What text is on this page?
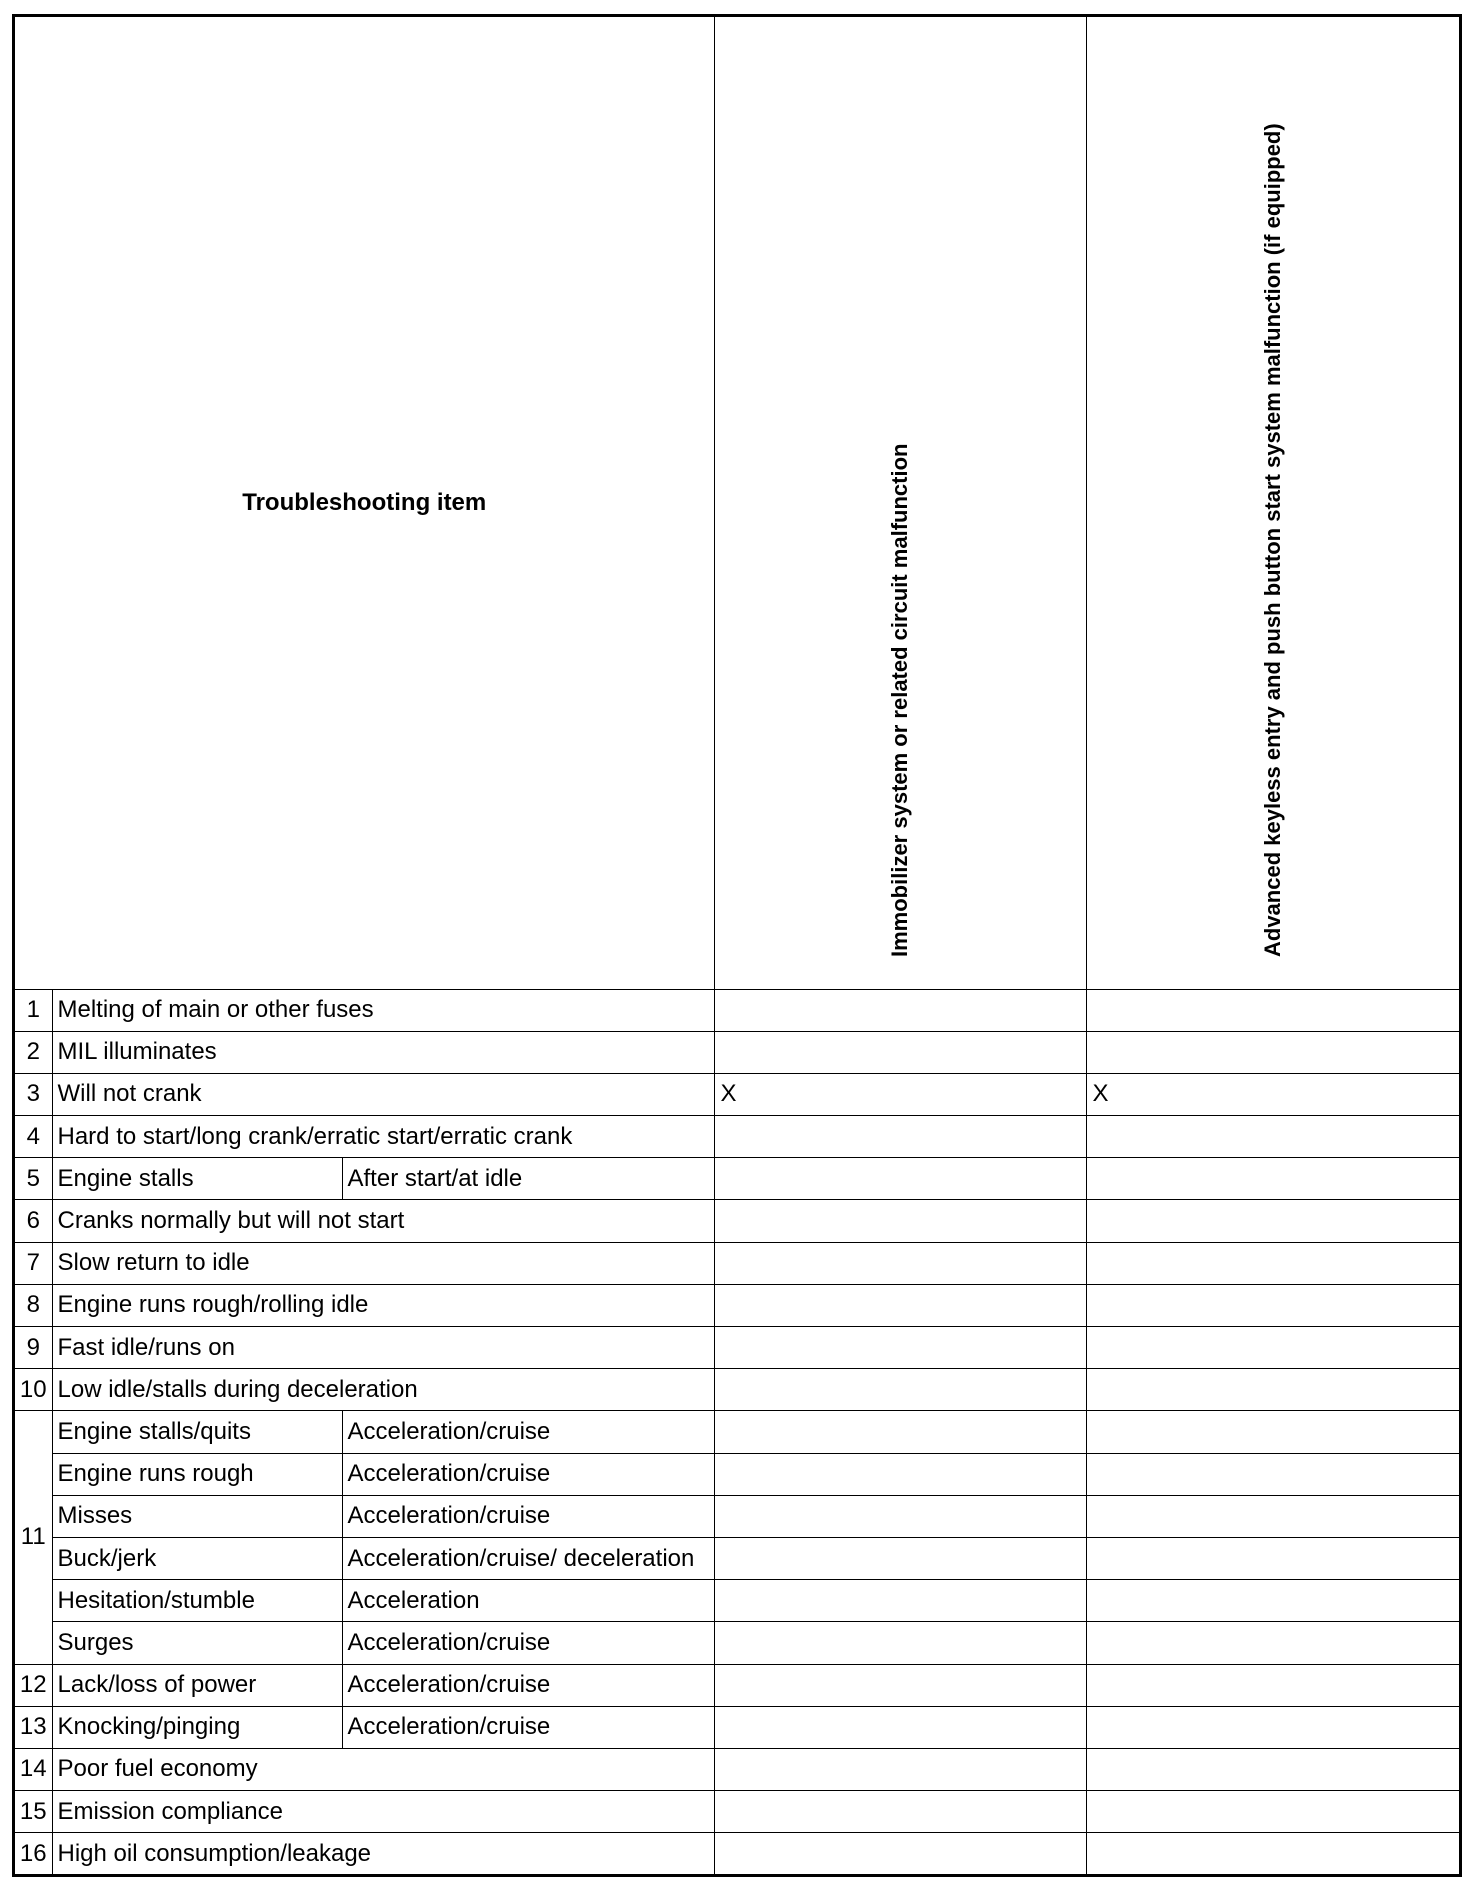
Troubleshooting item			Immobilizer system or related circuit malfunction	Advanced keyless entry and push button start system malfunction (if equipped)

1	Melting of main or other fuses			
2	MIL illuminates			
3	Will not crank		X	X
4	Hard to start/long crank/erratic start/erratic crank			
5	Engine stalls	After start/at idle		
6	Cranks normally but will not start			
7	Slow return to idle			
8	Engine runs rough/rolling idle			
9	Fast idle/runs on			
10	Low idle/stalls during deceleration			
11	Engine stalls/quits	Acceleration/cruise		
	Engine runs rough	Acceleration/cruise		
	Misses	Acceleration/cruise		
	Buck/jerk	Acceleration/cruise/ deceleration		
	Hesitation/stumble	Acceleration		
	Surges	Acceleration/cruise		
12	Lack/loss of power	Acceleration/cruise		
13	Knocking/pinging	Acceleration/cruise		
14	Poor fuel economy			
15	Emission compliance			
16	High oil consumption/leakage			
